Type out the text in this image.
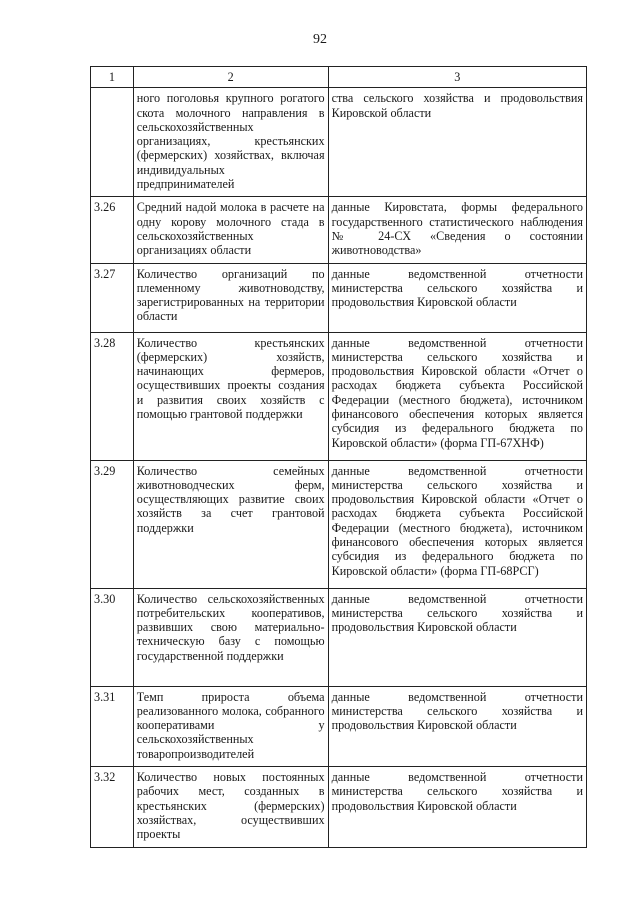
92
1	2	3
	ного поголовья крупного рогатого скота молочного направления в сельскохозяйственных организациях, крестьянских (фермерских) хозяйствах, включая индивидуальных предпринимателей	ства сельского хозяйства и продовольствия Кировской области
3.26	Средний надой молока в расчете на одну корову молочного стада в сельскохозяйственных организациях области	данные Кировстата, формы федерального государственного статистического наблюдения № 24-СХ «Сведения о состоянии животноводства»
3.27	Количество организаций по племенному животноводству, зарегистрированных на территории области	данные ведомственной отчетности министерства сельского хозяйства и продовольствия Кировской области
3.28	Количество крестьянских (фермерских) хозяйств, начинающих фермеров, осуществивших проекты создания и развития своих хозяйств с помощью грантовой поддержки	данные ведомственной отчетности министерства сельского хозяйства и продовольствия Кировской области «Отчет о расходах бюджета субъекта Российской Федерации (местного бюджета), источником финансового обеспечения которых является субсидия из федерального бюджета по Кировской области» (форма ГП-67ХНФ)
3.29	Количество семейных животноводческих ферм, осуществляющих развитие своих хозяйств за счет грантовой поддержки	данные ведомственной отчетности министерства сельского хозяйства и продовольствия Кировской области «Отчет о расходах бюджета субъекта Российской Федерации (местного бюджета), источником финансового обеспечения которых является субсидия из федерального бюджета по Кировской области» (форма ГП-68РСГ)
3.30	Количество сельскохозяйственных потребительских кооперативов, развивших свою материально-техническую базу с помощью государственной поддержки	данные ведомственной отчетности министерства сельского хозяйства и продовольствия Кировской области
3.31	Темп прироста объема реализованного молока, собранного кооперативами у сельскохозяйственных товаропроизводителей	данные ведомственной отчетности министерства сельского хозяйства и продовольствия Кировской области
3.32	Количество новых постоянных рабочих мест, созданных в крестьянских (фермерских) хозяйствах, осуществивших проекты	данные ведомственной отчетности министерства сельского хозяйства и продовольствия Кировской области
